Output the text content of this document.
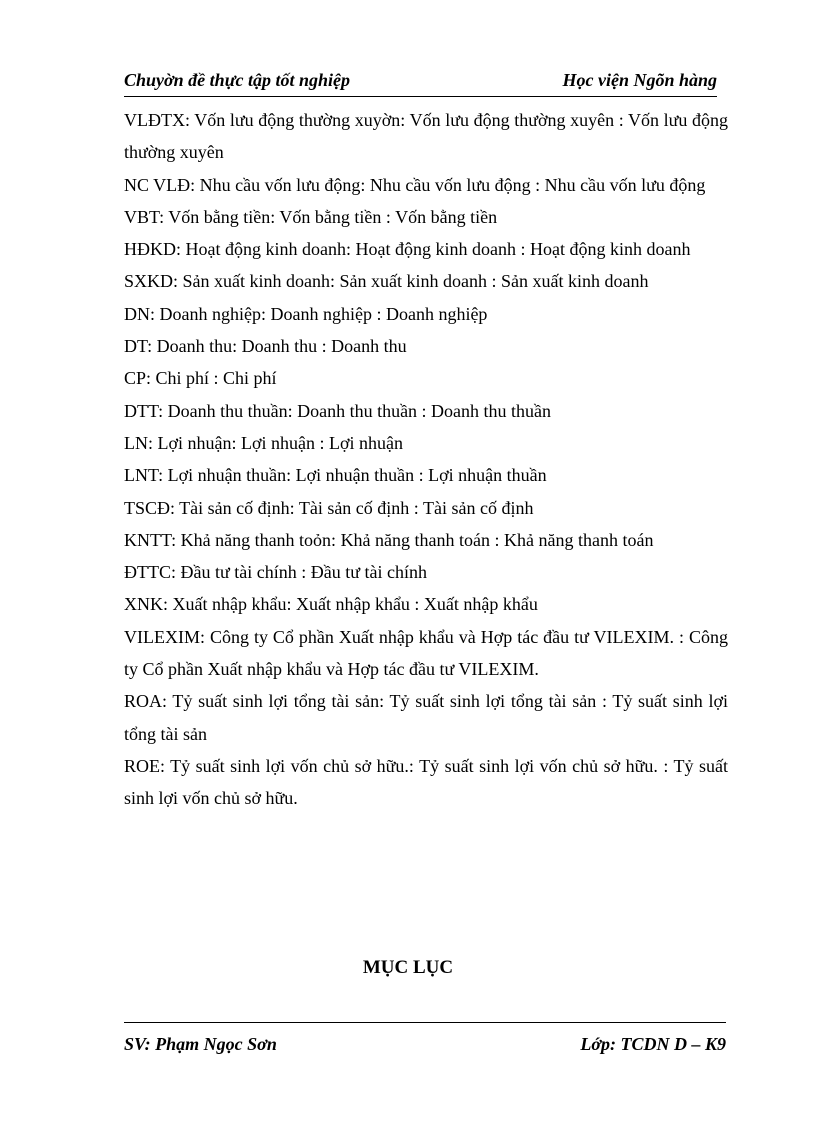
Chuyờn đề thực tập tốt nghiệp	Học viện Ngõn hàng

VLĐTX: Vốn lưu động thường xuyờn: Vốn lưu động thường xuyên : Vốn lưu động thường xuyên

NC VLĐ: Nhu cầu vốn lưu động: Nhu cầu vốn lưu động : Nhu cầu vốn lưu động

VBT: Vốn bằng tiền: Vốn bằng tiền : Vốn bằng tiền

HĐKD: Hoạt động kinh doanh: Hoạt động kinh doanh : Hoạt động kinh doanh

SXKD: Sản xuất kinh doanh: Sản xuất kinh doanh : Sản xuất kinh doanh

DN: Doanh nghiệp: Doanh nghiệp : Doanh nghiệp

DT: Doanh thu: Doanh thu : Doanh thu

CP: Chi phí : Chi phí

DTT: Doanh thu thuần: Doanh thu thuần : Doanh thu thuần

LN: Lợi nhuận: Lợi nhuận : Lợi nhuận

LNT: Lợi nhuận thuần: Lợi nhuận thuần : Lợi nhuận thuần

TSCĐ: Tài sản cố định: Tài sản cố định : Tài sản cố định

KNTT: Khả năng thanh toỏn: Khả năng thanh toán : Khả năng thanh toán

ĐTTC: Đầu tư tài chính : Đầu tư tài chính

XNK: Xuất nhập khẩu: Xuất nhập khẩu : Xuất nhập khẩu

VILEXIM: Công ty Cổ phần Xuất nhập khẩu và Hợp tác đầu tư VILEXIM. : Công ty Cổ phần Xuất nhập khẩu và Hợp tác đầu tư VILEXIM.

ROA: Tỷ suất sinh lợi tổng tài sản: Tỷ suất sinh lợi tổng tài sản : Tỷ suất sinh lợi tổng tài sản

ROE: Tỷ suất sinh lợi vốn chủ sở hữu.: Tỷ suất sinh lợi vốn chủ sở hữu. : Tỷ suất sinh lợi vốn chủ sở hữu.

MỤC LỤC
SV: Phạm Ngọc Sơn	Lớp: TCDN D – K9
